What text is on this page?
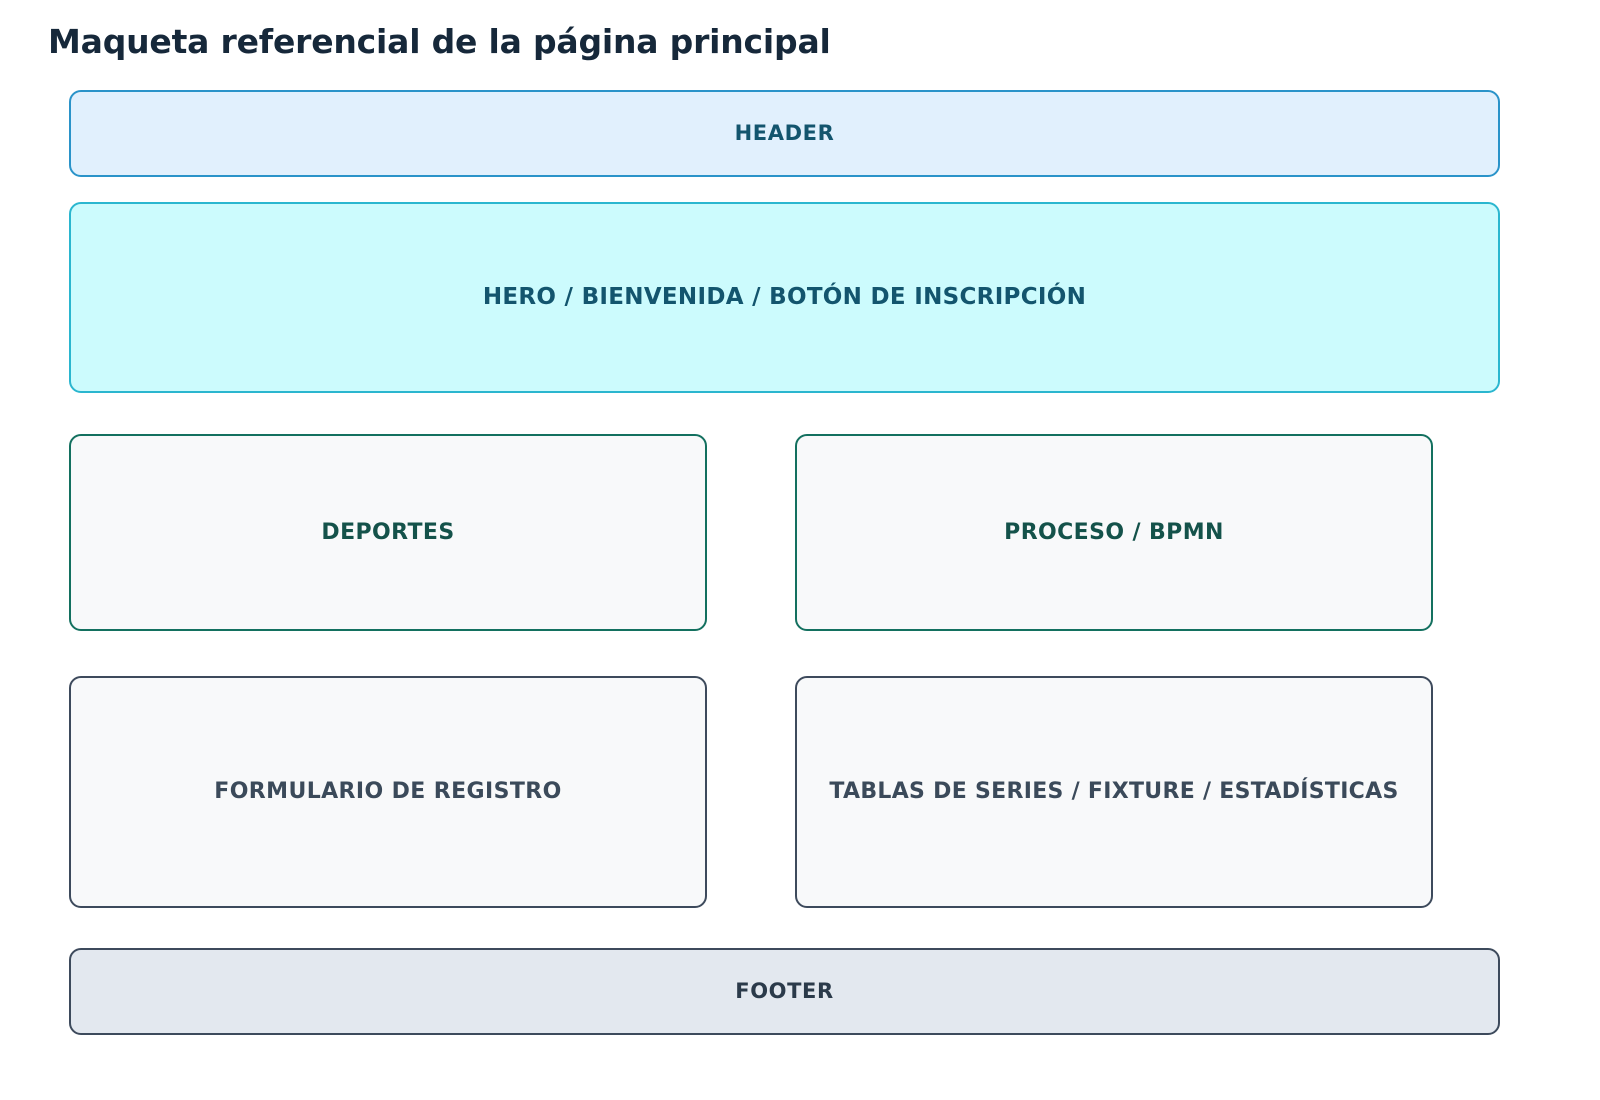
Maqueta referencial de la página principal
HEADER
HERO / BIENVENIDA / BOTÓN DE INSCRIPCIÓN
DEPORTES	PROCESO / BPMN
FORMULARIO DE REGISTRO	TABLAS DE SERIES / FIXTURE / ESTADÍSTICAS
FOOTER
